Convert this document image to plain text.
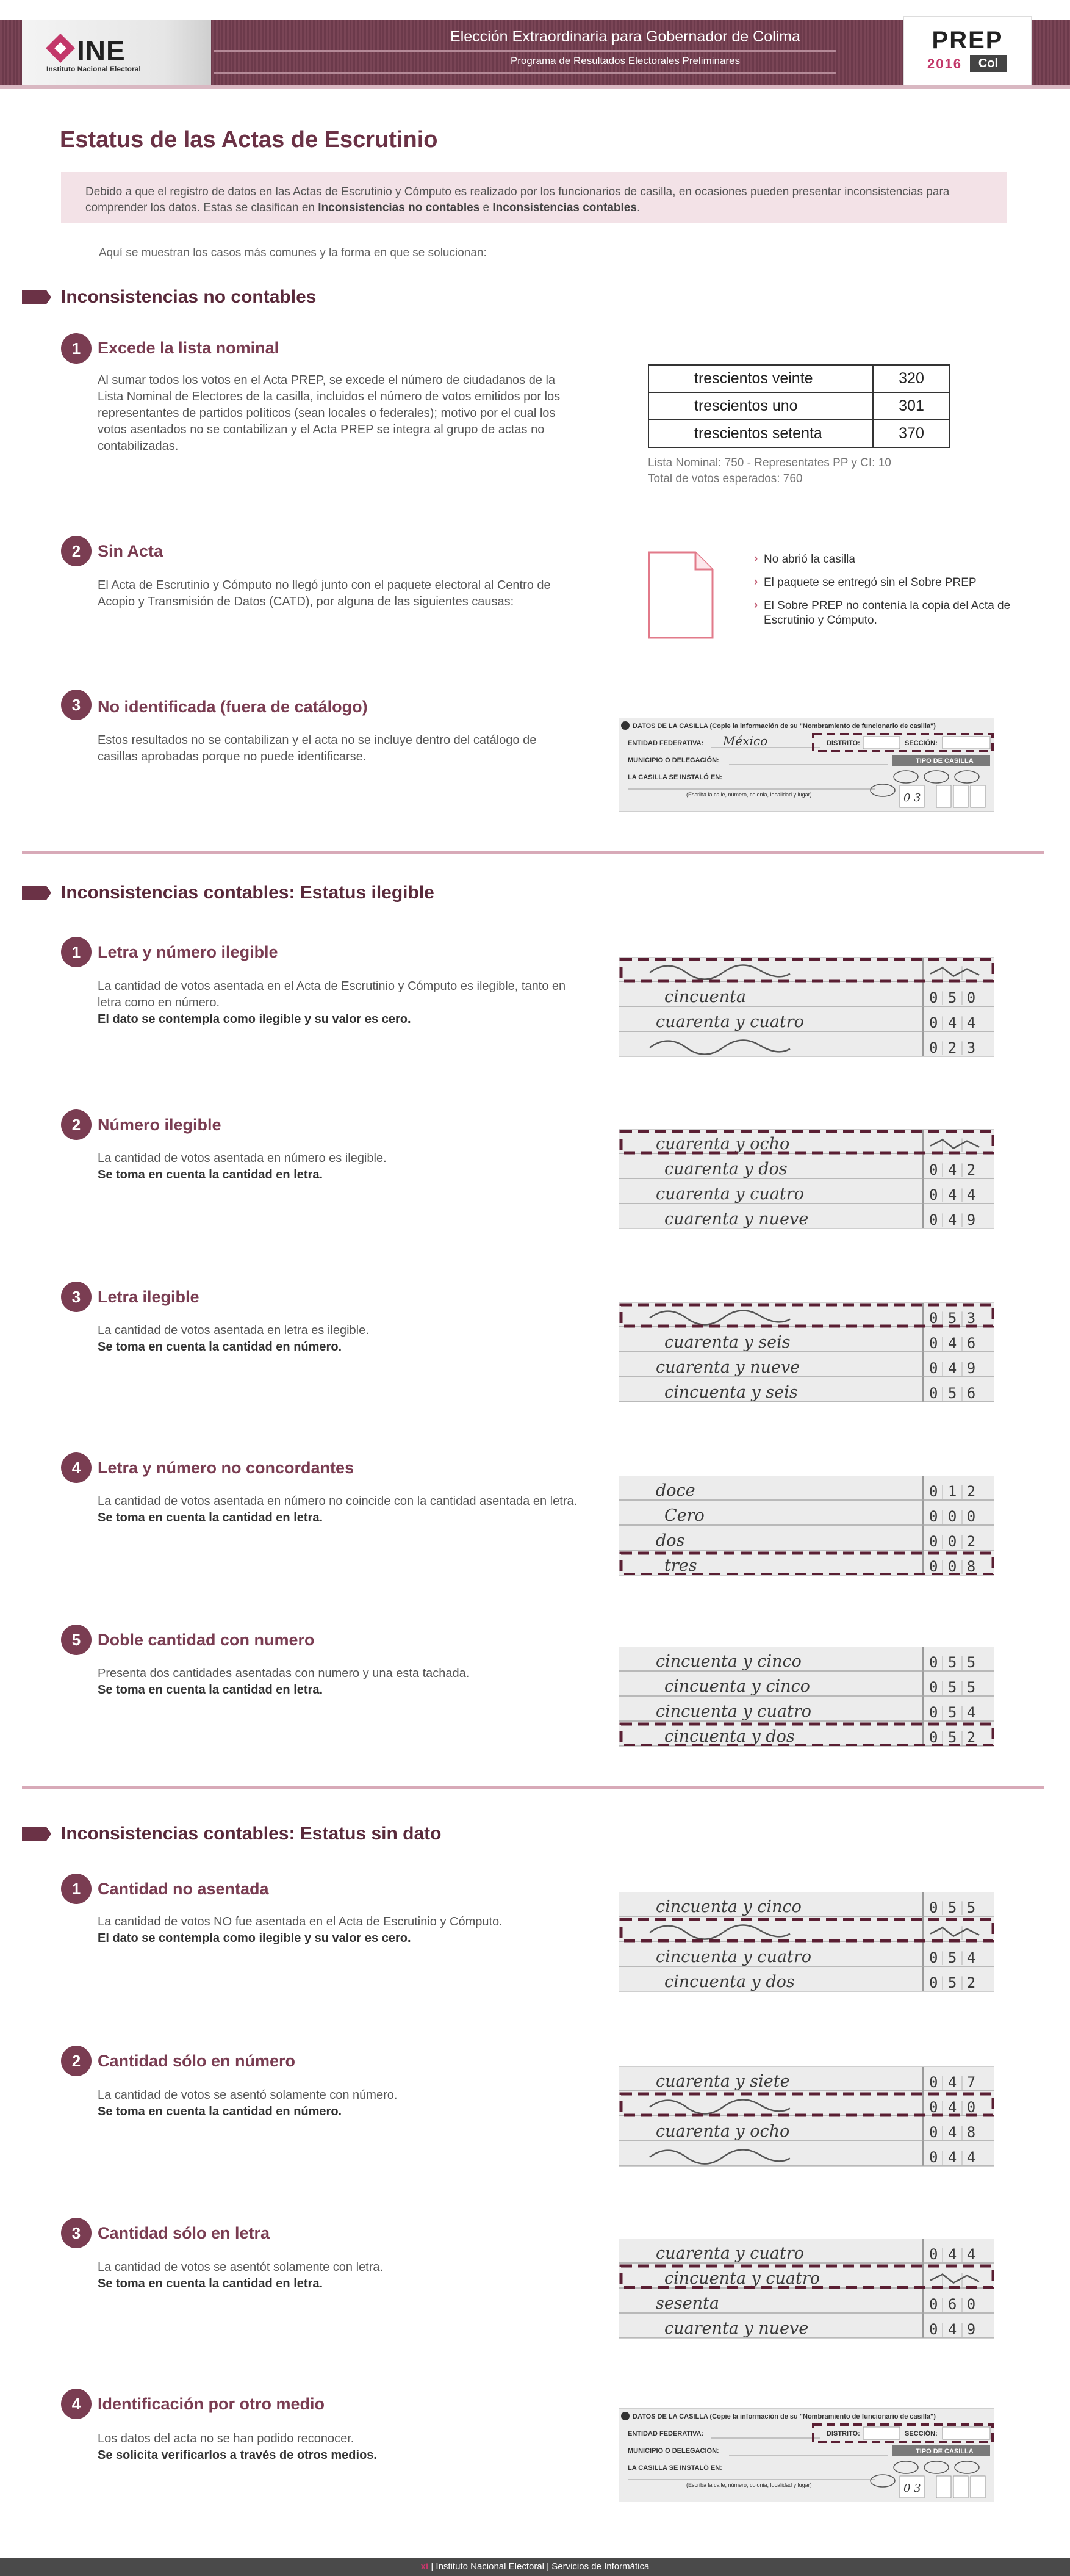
INE
Instituto Nacional Electoral
Elección Extraordinaria para Gobernador de Colima
Programa de Resultados Electorales Preliminares
PREP
2016	Col
Estatus de las Actas de Escrutinio
Debido a que el registro de datos en las Actas de Escrutinio y Cómputo es realizado por los funcionarios de casilla, en ocasiones pueden presentar inconsistencias para comprender los datos. Estas se clasifican en Inconsistencias no contables e Inconsistencias contables.
Aquí se muestran los casos más comunes y la forma en que se solucionan:
Inconsistencias no contables
1	Excede la lista nominal
Al sumar todos los votos en el Acta PREP, se excede el número de ciudadanos de la Lista Nominal de Electores de la casilla, incluidos el número de votos emitidos por los representantes de partidos políticos (sean locales o federales); motivo por el cual los votos asentados no se contabilizan y el Acta PREP se integra al grupo de actas no contabilizadas.
trescientos veinte	320
trescientos uno	301
trescientos setenta	370
Lista Nominal: 750 - Representates PP y CI: 10
Total de votos esperados: 760
2	Sin Acta
El Acta de Escrutinio y Cómputo no llegó junto con el paquete electoral al Centro de Acopio y Transmisión de Datos (CATD), por alguna de las siguientes causas:
› No abrió la casilla
› El paquete se entregó sin el Sobre PREP
› El Sobre PREP no contenía la copia del Acta de Escrutinio y Cómputo.
3	No identificada (fuera de catálogo)
Estos resultados no se contabilizan y el acta no se incluye dentro del catálogo de casillas aprobadas porque no puede identificarse.
DATOS DE LA CASILLA (Copie la información de su "Nombramiento de funcionario de casilla")
ENTIDAD FEDERATIVA: México	DISTRITO:	SECCIÓN:
MUNICIPIO O DELEGACIÓN:	TIPO DE CASILLA
LA CASILLA SE INSTALÓ EN:
(Escriba la calle, número, colonia, localidad y lugar)	0 3
Inconsistencias contables: Estatus ilegible
1	Letra y número ilegible
La cantidad de votos asentada en el Acta de Escrutinio y Cómputo es ilegible, tanto en letra como en número.
El dato se contempla como ilegible y su valor es cero.
cincuenta	0 5 0
cuarenta y cuatro	0 4 4
0 2 3
2	Número ilegible
La cantidad de votos asentada en número es ilegible.
Se toma en cuenta la cantidad en letra.
cuarenta y ocho
cuarenta y dos	0 4 2
cuarenta y cuatro	0 4 4
cuarenta y nueve	0 4 9
3	Letra ilegible
La cantidad de votos asentada en letra es ilegible.
Se toma en cuenta la cantidad en número.
0 5 3
cuarenta y seis	0 4 6
cuarenta y nueve	0 4 9
cincuenta y seis	0 5 6
4	Letra y número no concordantes
La cantidad de votos asentada en número no coincide con la cantidad asentada en letra.
Se toma en cuenta la cantidad en letra.
doce	0 1 2
Cero	0 0 0
dos	0 0 2
tres	0 0 8
5	Doble cantidad con numero
Presenta dos cantidades asentadas con numero y una esta tachada.
Se toma en cuenta la cantidad en letra.
cincuenta y cinco	0 5 5
cincuenta y cinco	0 5 5
cincuenta y cuatro	0 5 4
cincuenta y dos	0 5 2
Inconsistencias contables: Estatus sin dato
1	Cantidad no asentada
La cantidad de votos NO fue asentada en el Acta de Escrutinio y Cómputo.
El dato se contempla como ilegible y su valor es cero.
cincuenta y cinco	0 5 5
cincuenta y cuatro	0 5 4
cincuenta y dos	0 5 2
2	Cantidad sólo en número
La cantidad de votos se asentó solamente con número.
Se toma en cuenta la cantidad en número.
cuarenta y siete	0 4 7
0 4 0
cuarenta y ocho	0 4 8
0 4 4
3	Cantidad sólo en letra
La cantidad de votos se asentót solamente con letra.
Se toma en cuenta la cantidad en letra.
cuarenta y cuatro	0 4 4
cincuenta y cuatro
sesenta	0 6 0
cuarenta y nueve	0 4 9
4	Identificación por otro medio
Los datos del acta no se han podido reconocer.
Se solicita verificarlos a través de otros medios.
DATOS DE LA CASILLA (Copie la información de su "Nombramiento de funcionario de casilla")
ENTIDAD FEDERATIVA:	DISTRITO:	SECCIÓN:
MUNICIPIO O DELEGACIÓN:	TIPO DE CASILLA
LA CASILLA SE INSTALÓ EN:
(Escriba la calle, número, colonia, localidad y lugar)	0 3
xi | Instituto Nacional Electoral | Servicios de Informática
